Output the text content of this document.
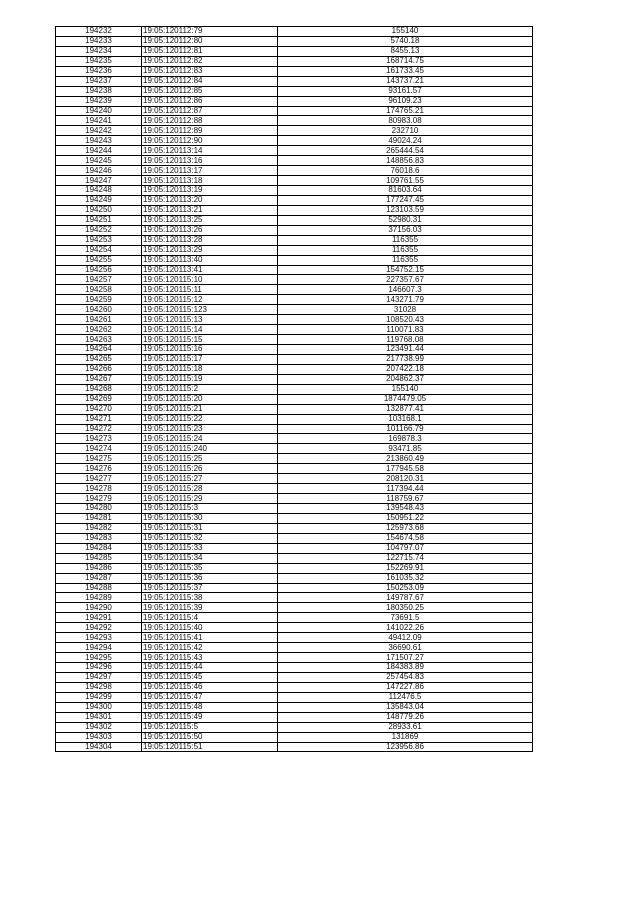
194232	19:05:120112:79	155140
194233	19:05:120112:80	5740.18
194234	19:05:120112:81	8455.13
194235	19:05:120112:82	168714.75
194236	19:05:120112:83	161733.45
194237	19:05:120112:84	143737.21
194238	19:05:120112:85	93161.57
194239	19:05:120112:86	96109.23
194240	19:05:120112:87	174765.21
194241	19:05:120112:88	80983.08
194242	19:05:120112:89	232710
194243	19:05:120112:90	49024.24
194244	19:05:120113:14	265444.54
194245	19:05:120113:16	148856.83
194246	19:05:120113:17	76018.6
194247	19:05:120113:18	109761.55
194248	19:05:120113:19	81603.64
194249	19:05:120113:20	177247.45
194250	19:05:120113:21	123103.59
194251	19:05:120113:25	52980.31
194252	19:05:120113:26	37156.03
194253	19:05:120113:28	116355
194254	19:05:120113:29	116355
194255	19:05:120113:40	116355
194256	19:05:120113:41	154752.15
194257	19:05:120115:10	227357.67
194258	19:05:120115:11	146607.3
194259	19:05:120115:12	143271.79
194260	19:05:120115:123	31028
194261	19:05:120115:13	108520.43
194262	19:05:120115:14	110071.83
194263	19:05:120115:15	119768.08
194264	19:05:120115:16	123491.44
194265	19:05:120115:17	217738.99
194266	19:05:120115:18	207422.18
194267	19:05:120115:19	204862.37
194268	19:05:120115:2	155140
194269	19:05:120115:20	1874479.05
194270	19:05:120115:21	132877.41
194271	19:05:120115:22	103168.1
194272	19:05:120115:23	101166.79
194273	19:05:120115:24	169878.3
194274	19:05:120115:240	93471.85
194275	19:05:120115:25	213860.49
194276	19:05:120115:26	177945.58
194277	19:05:120115:27	208120.31
194278	19:05:120115:28	117394.44
194279	19:05:120115:29	118759.67
194280	19:05:120115:3	139548.43
194281	19:05:120115:30	150951.22
194282	19:05:120115:31	125973.68
194283	19:05:120115:32	154674.58
194284	19:05:120115:33	104797.07
194285	19:05:120115:34	122715.74
194286	19:05:120115:35	152269.91
194287	19:05:120115:36	161035.32
194288	19:05:120115:37	150253.09
194289	19:05:120115:38	149787.67
194290	19:05:120115:39	180350.25
194291	19:05:120115:4	73691.5
194292	19:05:120115:40	141022.26
194293	19:05:120115:41	49412.09
194294	19:05:120115:42	36690.61
194295	19:05:120115:43	171507.27
194296	19:05:120115:44	184383.89
194297	19:05:120115:45	257454.83
194298	19:05:120115:46	147227.86
194299	19:05:120115:47	112476.5
194300	19:05:120115:48	135843.04
194301	19:05:120115:49	148779.26
194302	19:05:120115:5	28933.61
194303	19:05:120115:50	131869
194304	19:05:120115:51	123956.86
